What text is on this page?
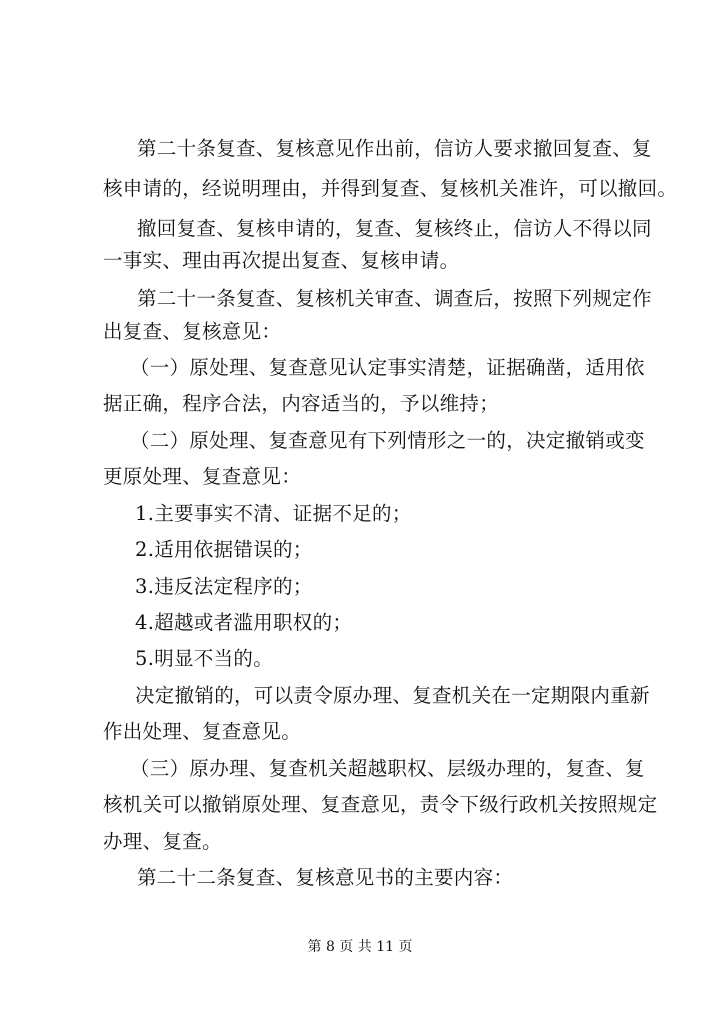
第二十条复查、复核意见作出前，信访人要求撤回复查、复
核申请的，经说明理由，并得到复查、复核机关准许，可以撤回。
撤回复查、复核申请的，复查、复核终止，信访人不得以同
一事实、理由再次提出复查、复核申请。
第二十一条复查、复核机关审查、调查后，按照下列规定作
出复查、复核意见：
（一）原处理、复查意见认定事实清楚，证据确凿，适用依
据正确，程序合法，内容适当的，予以维持；
（二）原处理、复查意见有下列情形之一的，决定撤销或变
更原处理、复查意见：
1.主要事实不清、证据不足的；
2.适用依据错误的；
3.违反法定程序的；
4.超越或者滥用职权的；
5.明显不当的。
决定撤销的，可以责令原办理、复查机关在一定期限内重新
作出处理、复查意见。
（三）原办理、复查机关超越职权、层级办理的，复查、复
核机关可以撤销原处理、复查意见，责令下级行政机关按照规定
办理、复查。
第二十二条复查、复核意见书的主要内容：
第 8 页 共 11 页
